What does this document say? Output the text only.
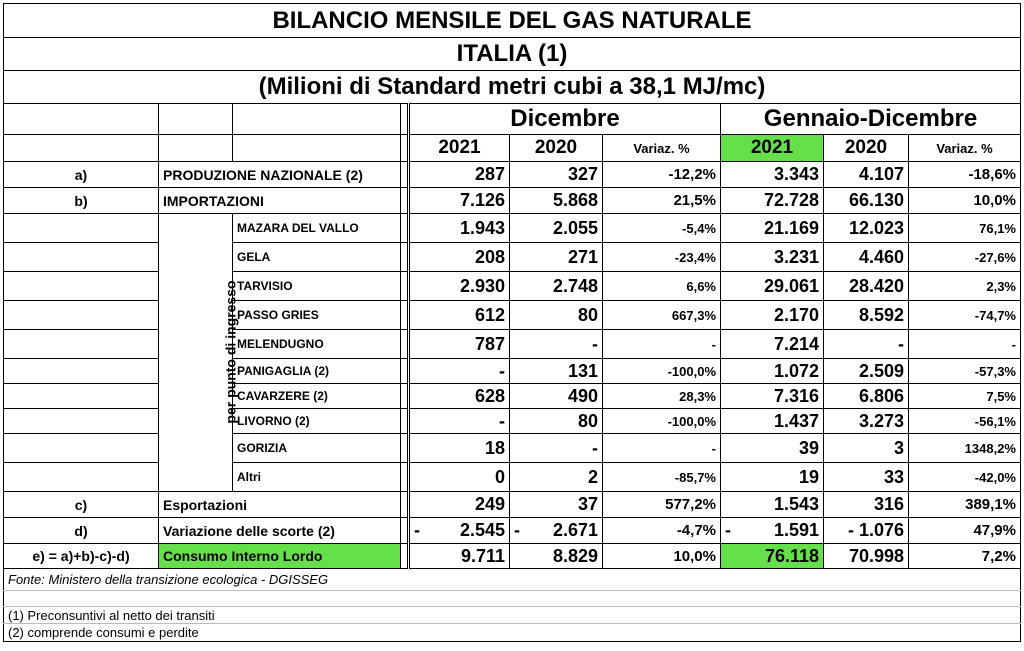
BILANCIO MENSILE DEL GAS NATURALE									
ITALIA (1)									
(Milioni di Standard metri cubi a 38,1 MJ/mc)									
				Dicembre			Gennaio-Dicembre		
				2021	2020	Variaz. %	2021	2020	Variaz. %
a)	PRODUZIONE NAZIONALE (2)			287	327	-12,2%	3.343	4.107	-18,6%
b)	IMPORTAZIONI			7.126	5.868	21,5%	72.728	66.130	10,0%
	per punto di ingresso	MAZARA DEL VALLO		1.943	2.055	-5,4%	21.169	12.023	76,1%
		GELA		208	271	-23,4%	3.231	4.460	-27,6%
		TARVISIO		2.930	2.748	6,6%	29.061	28.420	2,3%
		PASSO GRIES		612	80	667,3%	2.170	8.592	-74,7%
		MELENDUGNO		787	-	-	7.214	-	-
		PANIGAGLIA (2)		-	131	-100,0%	1.072	2.509	-57,3%
		CAVARZERE (2)		628	490	28,3%	7.316	6.806	7,5%
		LIVORNO (2)		-	80	-100,0%	1.437	3.273	-56,1%
		GORIZIA		18	-	-	39	3	1348,2%
		Altri		0	2	-85,7%	19	33	-42,0%
c)	Esportazioni			249	37	577,2%	1.543	316	389,1%
d)	Variazione delle scorte (2)			- 2.545	- 2.671	-4,7%	- 1.591	- 1.076	47,9%
e) = a)+b)-c)-d)	Consumo Interno Lordo			9.711	8.829	10,0%	76.118	70.998	7,2%
Fonte: Ministero della transizione ecologica - DGISSEG									

(1) Preconsuntivi al netto dei transiti									
(2) comprende consumi e perdite									
